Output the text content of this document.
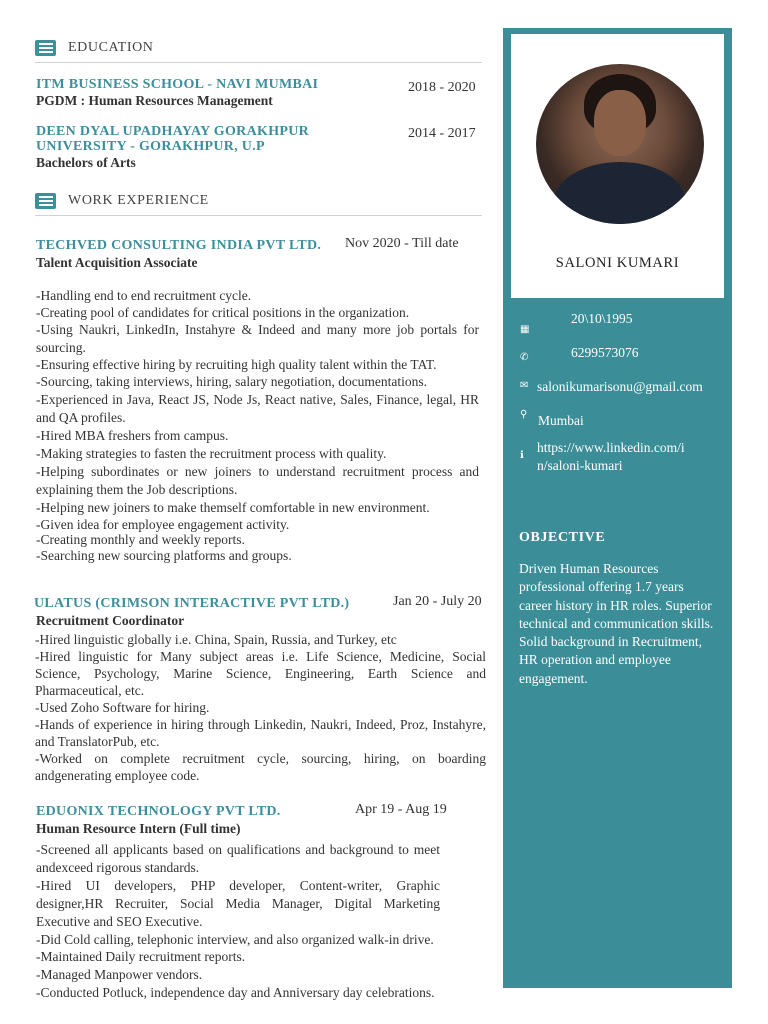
EDUCATION
ITM BUSINESS SCHOOL - NAVI MUMBAI	2018 - 2020
PGDM : Human Resources Management
DEEN DYAL UPADHAYAY GORAKHPUR
UNIVERSITY - GORAKHPUR, U.P
2014 - 2017
Bachelors of Arts
WORK EXPERIENCE
TECHVED CONSULTING INDIA PVT LTD. Nov 2020 - Till date
Talent Acquisition Associate
-Handling end to end recruitment cycle.
-Creating pool of candidates for critical positions in the organization.
-Using Naukri, LinkedIn, Instahyre & Indeed and many more job portals for sourcing.
-Ensuring effective hiring by recruiting high quality talent within the TAT.
-Sourcing, taking interviews, hiring, salary negotiation, documentations.
-Experienced in Java, React JS, Node Js, React native, Sales, Finance, legal, HR and QA profiles.
-Hired MBA freshers from campus.
-Making strategies to fasten the recruitment process with quality.
-Helping subordinates or new joiners to understand recruitment process and explaining them the Job descriptions.
-Helping new joiners to make themself comfortable in new environment.
-Given idea for employee engagement activity.
-Creating monthly and weekly reports.
-Searching new sourcing platforms and groups.
ULATUS (CRIMSON INTERACTIVE PVT LTD.)	Jan 20 - July 20
Recruitment Coordinator
-Hired linguistic globally i.e. China, Spain, Russia, and Turkey, etc
-Hired linguistic for Many subject areas i.e. Life Science, Medicine, Social Science, Psychology, Marine Science, Engineering, Earth Science and Pharmaceutical, etc.
-Used Zoho Software for hiring.
-Hands of experience in hiring through Linkedin, Naukri, Indeed, Proz, Instahyre, and TranslatorPub, etc.
-Worked on complete recruitment cycle, sourcing, hiring, on boarding andgenerating employee code.
EDUONIX TECHNOLOGY PVT LTD.	Apr 19 - Aug 19
Human Resource Intern (Full time)
-Screened all applicants based on qualifications and background to meet andexceed rigorous standards.
-Hired UI developers, PHP developer, Content-writer, Graphic designer,HR Recruiter, Social Media Manager, Digital Marketing Executive and SEO Executive.
-Did Cold calling, telephonic interview, and also organized walk-in drive.
-Maintained Daily recruitment reports.
-Managed Manpower vendors.
-Conducted Potluck, independence day and Anniversary day celebrations.
SALONI KUMARI
▦
20\10\1995
✆	6299573076
✉ salonikumarisonu@gmail.com
⚲ Mumbai
ℹ
https://www.linkedin.com/i
n/saloni-kumari
OBJECTIVE
Driven Human Resources professional offering 1.7 years career history in HR roles. Superior technical and communication skills. Solid background in Recruitment, HR operation and employee engagement.
